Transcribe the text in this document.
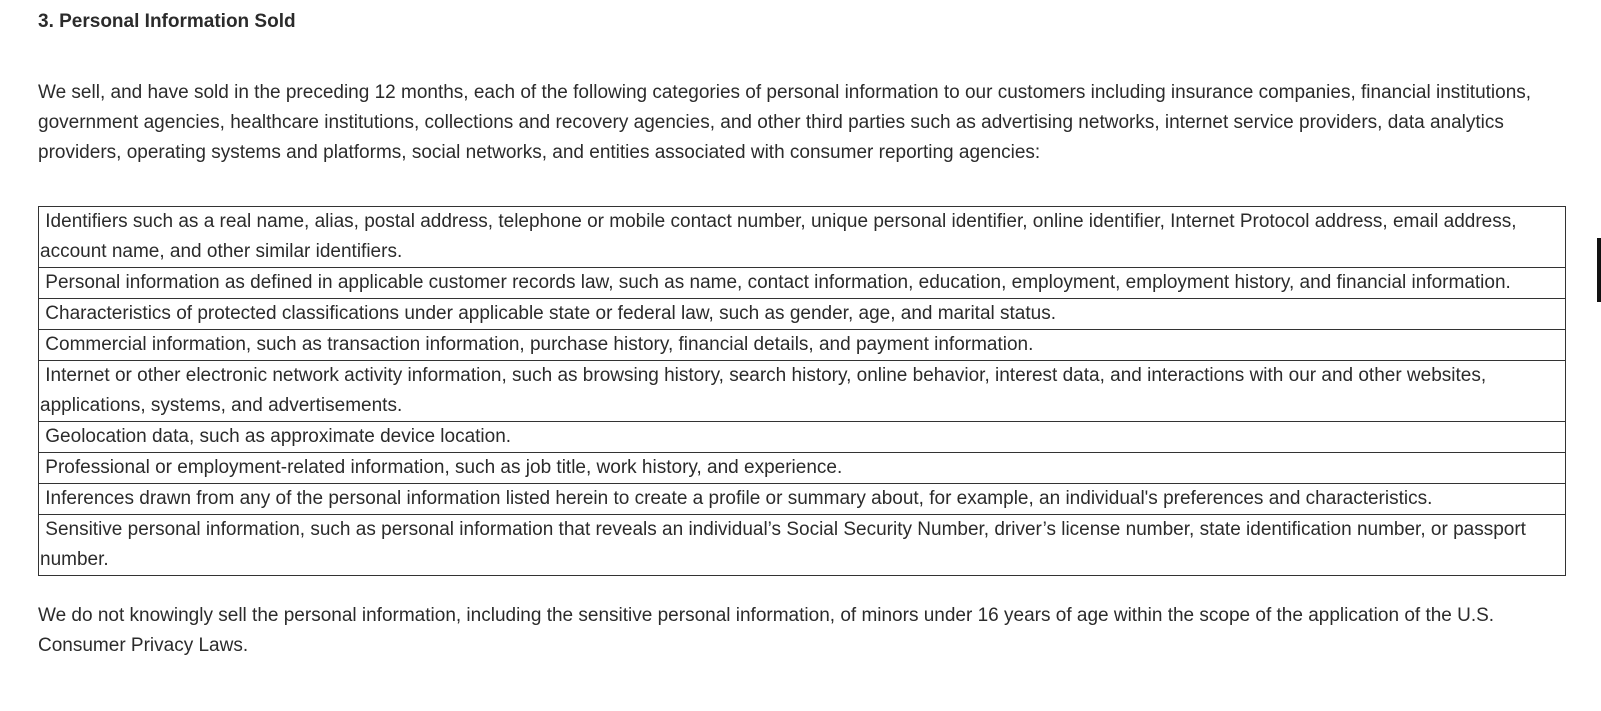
3. Personal Information Sold

We sell, and have sold in the preceding 12 months, each of the following categories of personal information to our customers including insurance companies, financial institutions, government agencies, healthcare institutions, collections and recovery agencies, and other third parties such as advertising networks, internet service providers, data analytics providers, operating systems and platforms, social networks, and entities associated with consumer reporting agencies:

Identifiers such as a real name, alias, postal address, telephone or mobile contact number, unique personal identifier, online identifier, Internet Protocol address, email address, account name, and other similar identifiers.
Personal information as defined in applicable customer records law, such as name, contact information, education, employment, employment history, and financial information.
Characteristics of protected classifications under applicable state or federal law, such as gender, age, and marital status.
Commercial information, such as transaction information, purchase history, financial details, and payment information.
Internet or other electronic network activity information, such as browsing history, search history, online behavior, interest data, and interactions with our and other websites, applications, systems, and advertisements.
Geolocation data, such as approximate device location.
Professional or employment-related information, such as job title, work history, and experience.
Inferences drawn from any of the personal information listed herein to create a profile or summary about, for example, an individual's preferences and characteristics.
Sensitive personal information, such as personal information that reveals an individual’s Social Security Number, driver’s license number, state identification number, or passport number.

We do not knowingly sell the personal information, including the sensitive personal information, of minors under 16 years of age within the scope of the application of the U.S. Consumer Privacy Laws.
